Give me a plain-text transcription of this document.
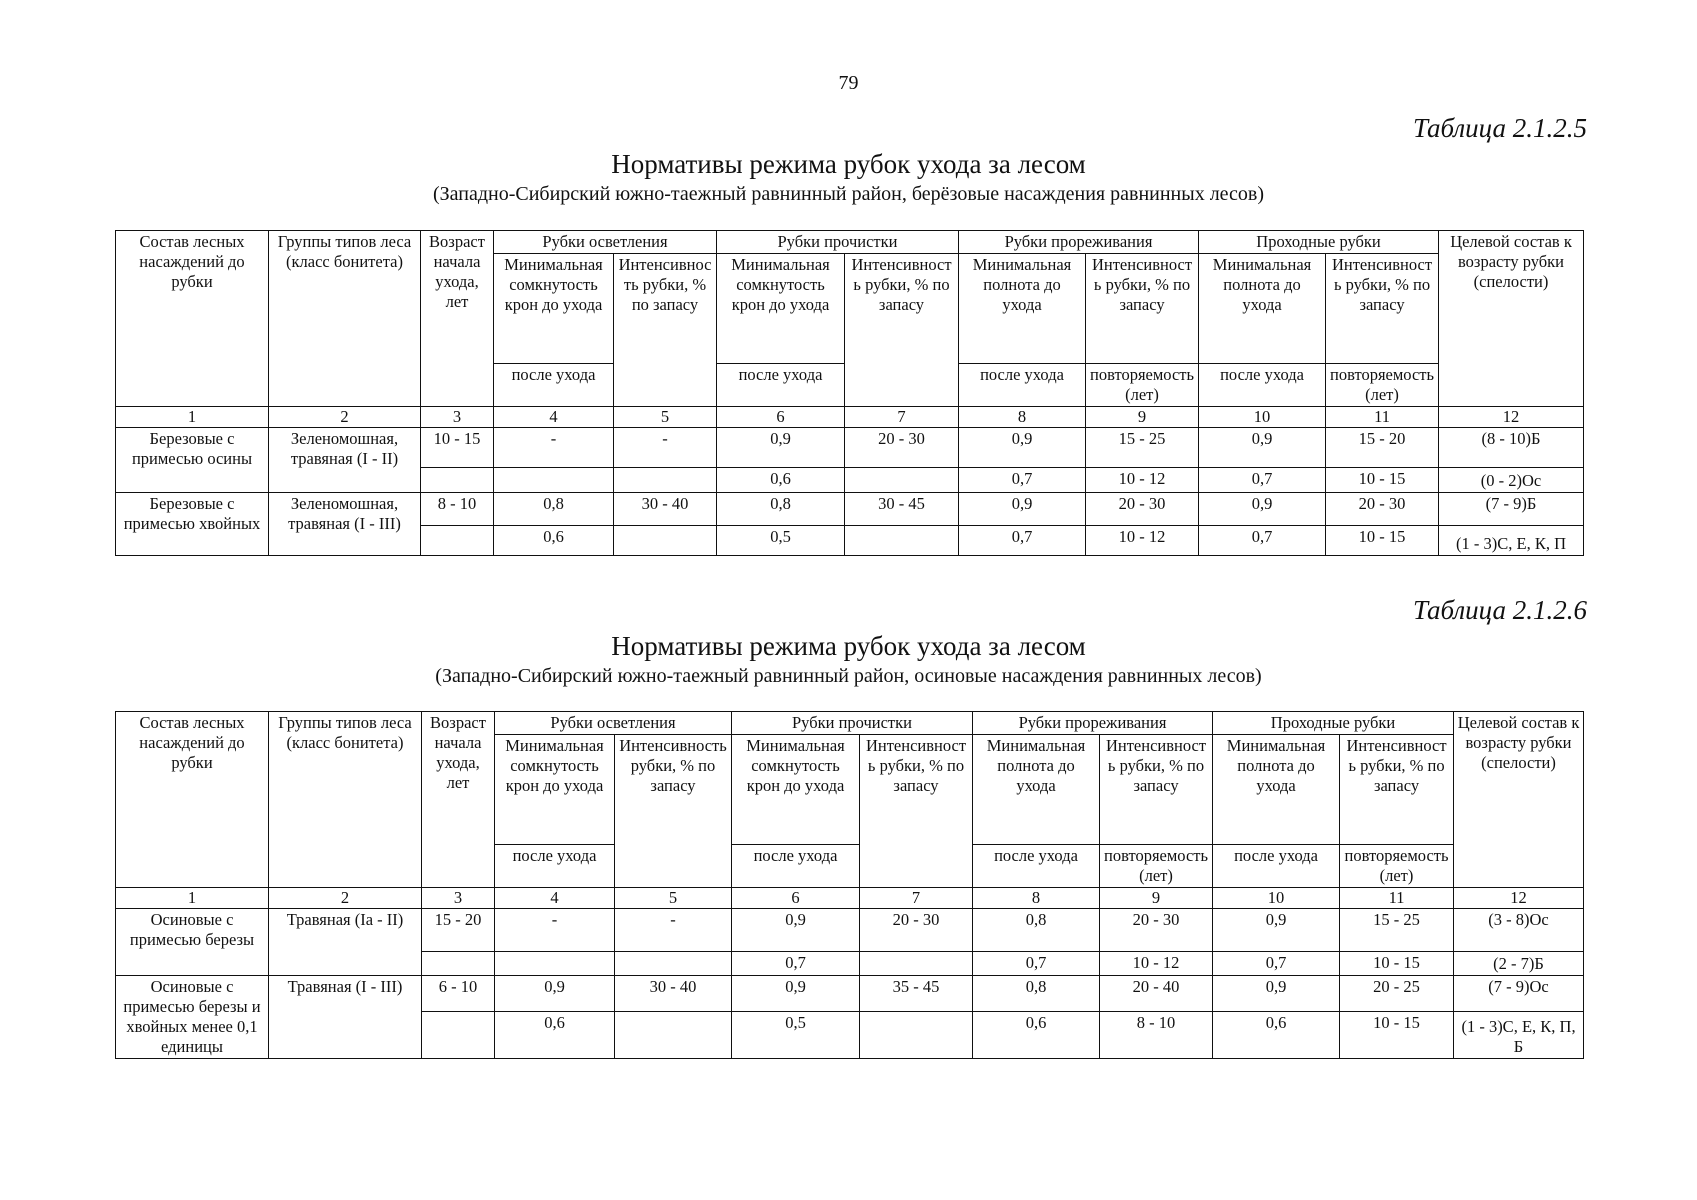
79
Таблица 2.1.2.5
Нормативы режима рубок ухода за лесом
(Западно-Сибирский южно-таежный равнинный район, берёзовые насаждения равнинных лесов)
Состав лесных насаждений до рубки	Группы типов леса (класс бонитета)	Возраст начала ухода, лет	Рубки осветления		Рубки прочистки		Рубки прореживания		Проходные рубки		Целевой состав к возрасту рубки (спелости)
			Минимальная сомкнутость крон до ухода	Интенсивность рубки, % по запасу	Минимальная сомкнутость крон до ухода	Интенсивность рубки, % по запасу	Минимальная полнота до ухода	Интенсивность рубки, % по запасу	Минимальная полнота до ухода	Интенсивность рубки, % по запасу	
			после ухода		после ухода		после ухода	повторяемость (лет)	после ухода	повторяемость (лет)	
1	2	3	4	5	6	7	8	9	10	11	12
Березовые с примесью осины	Зеленомошная, травяная (I - II)	10 - 15	-	-	0,9	20 - 30	0,9	15 - 25	0,9	15 - 20	(8 - 10)Б
					0,6		0,7	10 - 12	0,7	10 - 15	(0 - 2)Ос
Березовые с примесью хвойных	Зеленомошная, травяная (I - III)	8 - 10	0,8	30 - 40	0,8	30 - 45	0,9	20 - 30	0,9	20 - 30	(7 - 9)Б
			0,6		0,5		0,7	10 - 12	0,7	10 - 15	(1 - 3)С, Е, К, П
Таблица 2.1.2.6
Нормативы режима рубок ухода за лесом
(Западно-Сибирский южно-таежный равнинный район, осиновые насаждения равнинных лесов)
Состав лесных насаждений до рубки	Группы типов леса (класс бонитета)	Возраст начала ухода, лет	Рубки осветления		Рубки прочистки		Рубки прореживания		Проходные рубки		Целевой состав к возрасту рубки (спелости)
			Минимальная сомкнутость крон до ухода	Интенсивность рубки, % по запасу	Минимальная сомкнутость крон до ухода	Интенсивность рубки, % по запасу	Минимальная полнота до ухода	Интенсивность рубки, % по запасу	Минимальная полнота до ухода	Интенсивность рубки, % по запасу	
			после ухода		после ухода		после ухода	повторяемость (лет)	после ухода	повторяемость (лет)	
1	2	3	4	5	6	7	8	9	10	11	12
Осиновые с примесью березы	Травяная (Iа - II)	15 - 20	-	-	0,9	20 - 30	0,8	20 - 30	0,9	15 - 25	(3 - 8)Ос
					0,7		0,7	10 - 12	0,7	10 - 15	(2 - 7)Б
Осиновые с примесью березы и хвойных менее 0,1 единицы	Травяная (I - III)	6 - 10	0,9	30 - 40	0,9	35 - 45	0,8	20 - 40	0,9	20 - 25	(7 - 9)Ос
			0,6		0,5		0,6	8 - 10	0,6	10 - 15	(1 - 3)С, Е, К, П, Б
